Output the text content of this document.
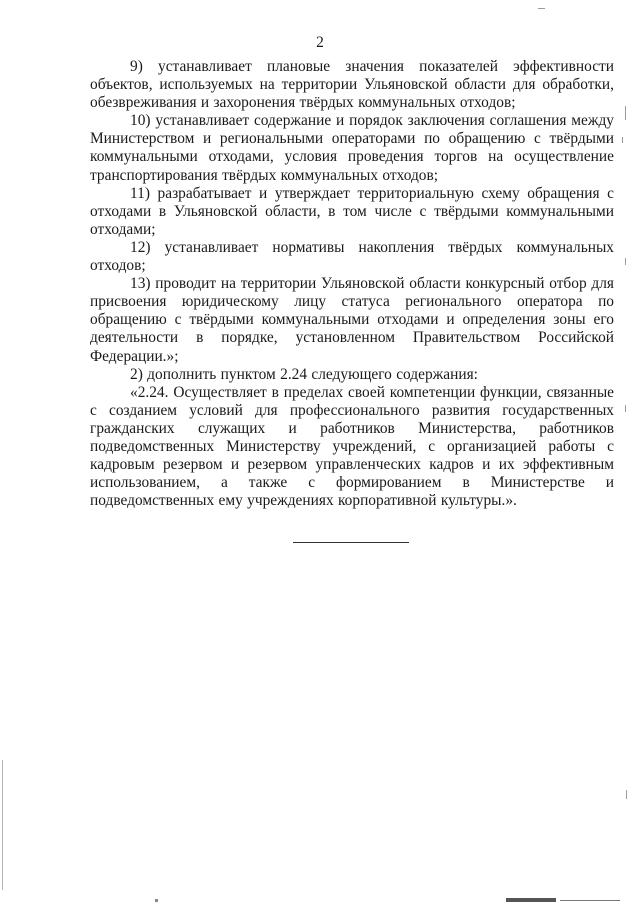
2

9) устанавливает плановые значения показателей эффективности объектов, используемых на территории Ульяновской области для обработки, обезвреживания и захоронения твёрдых коммунальных отходов;

10) устанавливает содержание и порядок заключения соглашения между Министерством и региональными операторами по обращению с твёрдыми коммунальными отходами, условия проведения торгов на осуществление транспортирования твёрдых коммунальных отходов;

11) разрабатывает и утверждает территориальную схему обращения с отходами в Ульяновской области, в том числе с твёрдыми коммунальными отходами;

12) устанавливает нормативы накопления твёрдых коммунальных отходов;

13) проводит на территории Ульяновской области конкурсный отбор для присвоения юридическому лицу статуса регионального оператора по обращению с твёрдыми коммунальными отходами и определения зоны его деятельности в порядке, установленном Правительством Российской Федерации.»;

2) дополнить пунктом 2.24 следующего содержания:

«2.24. Осуществляет в пределах своей компетенции функции, связанные с созданием условий для профессионального развития государственных гражданских служащих и работников Министерства, работников подведомственных Министерству учреждений, с организацией работы с кадровым резервом и резервом управленческих кадров и их эффективным использованием, а также с формированием в Министерстве и подведомственных ему учреждениях корпоративной культуры.».
